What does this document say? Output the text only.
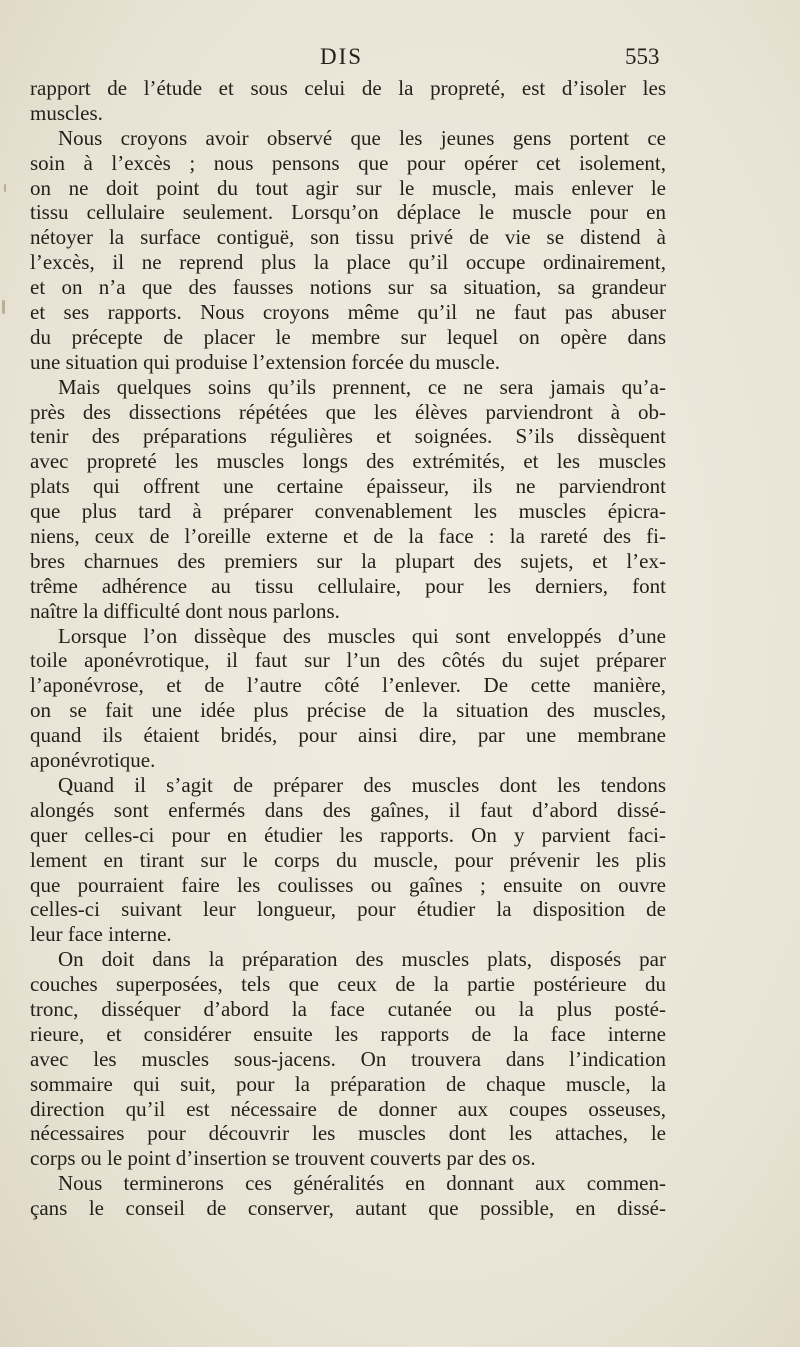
DIS	553
rapport de l’étude et sous celui de la propreté, est d’isoler les
muscles.
Nous croyons avoir observé que les jeunes gens portent ce
soin à l’excès ; nous pensons que pour opérer cet isolement,
on ne doit point du tout agir sur le muscle, mais enlever le
tissu cellulaire seulement. Lorsqu’on déplace le muscle pour en
nétoyer la surface contiguë, son tissu privé de vie se distend à
l’excès, il ne reprend plus la place qu’il occupe ordinairement,
et on n’a que des fausses notions sur sa situation, sa grandeur
et ses rapports. Nous croyons même qu’il ne faut pas abuser
du précepte de placer le membre sur lequel on opère dans
une situation qui produise l’extension forcée du muscle.
Mais quelques soins qu’ils prennent, ce ne sera jamais qu’a-
près des dissections répétées que les élèves parviendront à ob-
tenir des préparations régulières et soignées. S’ils dissèquent
avec propreté les muscles longs des extrémités, et les muscles
plats qui offrent une certaine épaisseur, ils ne parviendront
que plus tard à préparer convenablement les muscles épicra-
niens, ceux de l’oreille externe et de la face : la rareté des fi-
bres charnues des premiers sur la plupart des sujets, et l’ex-
trême adhérence au tissu cellulaire, pour les derniers, font
naître la difficulté dont nous parlons.
Lorsque l’on dissèque des muscles qui sont enveloppés d’une
toile aponévrotique, il faut sur l’un des côtés du sujet préparer
l’aponévrose, et de l’autre côté l’enlever. De cette manière,
on se fait une idée plus précise de la situation des muscles,
quand ils étaient bridés, pour ainsi dire, par une membrane
aponévrotique.
Quand il s’agit de préparer des muscles dont les tendons
alongés sont enfermés dans des gaînes, il faut d’abord dissé-
quer celles-ci pour en étudier les rapports. On y parvient faci-
lement en tirant sur le corps du muscle, pour prévenir les plis
que pourraient faire les coulisses ou gaînes ; ensuite on ouvre
celles-ci suivant leur longueur, pour étudier la disposition de
leur face interne.
On doit dans la préparation des muscles plats, disposés par
couches superposées, tels que ceux de la partie postérieure du
tronc, disséquer d’abord la face cutanée ou la plus posté-
rieure, et considérer ensuite les rapports de la face interne
avec les muscles sous-jacens. On trouvera dans l’indication
sommaire qui suit, pour la préparation de chaque muscle, la
direction qu’il est nécessaire de donner aux coupes osseuses,
nécessaires pour découvrir les muscles dont les attaches, le
corps ou le point d’insertion se trouvent couverts par des os.
Nous terminerons ces généralités en donnant aux commen-
çans le conseil de conserver, autant que possible, en dissé-
